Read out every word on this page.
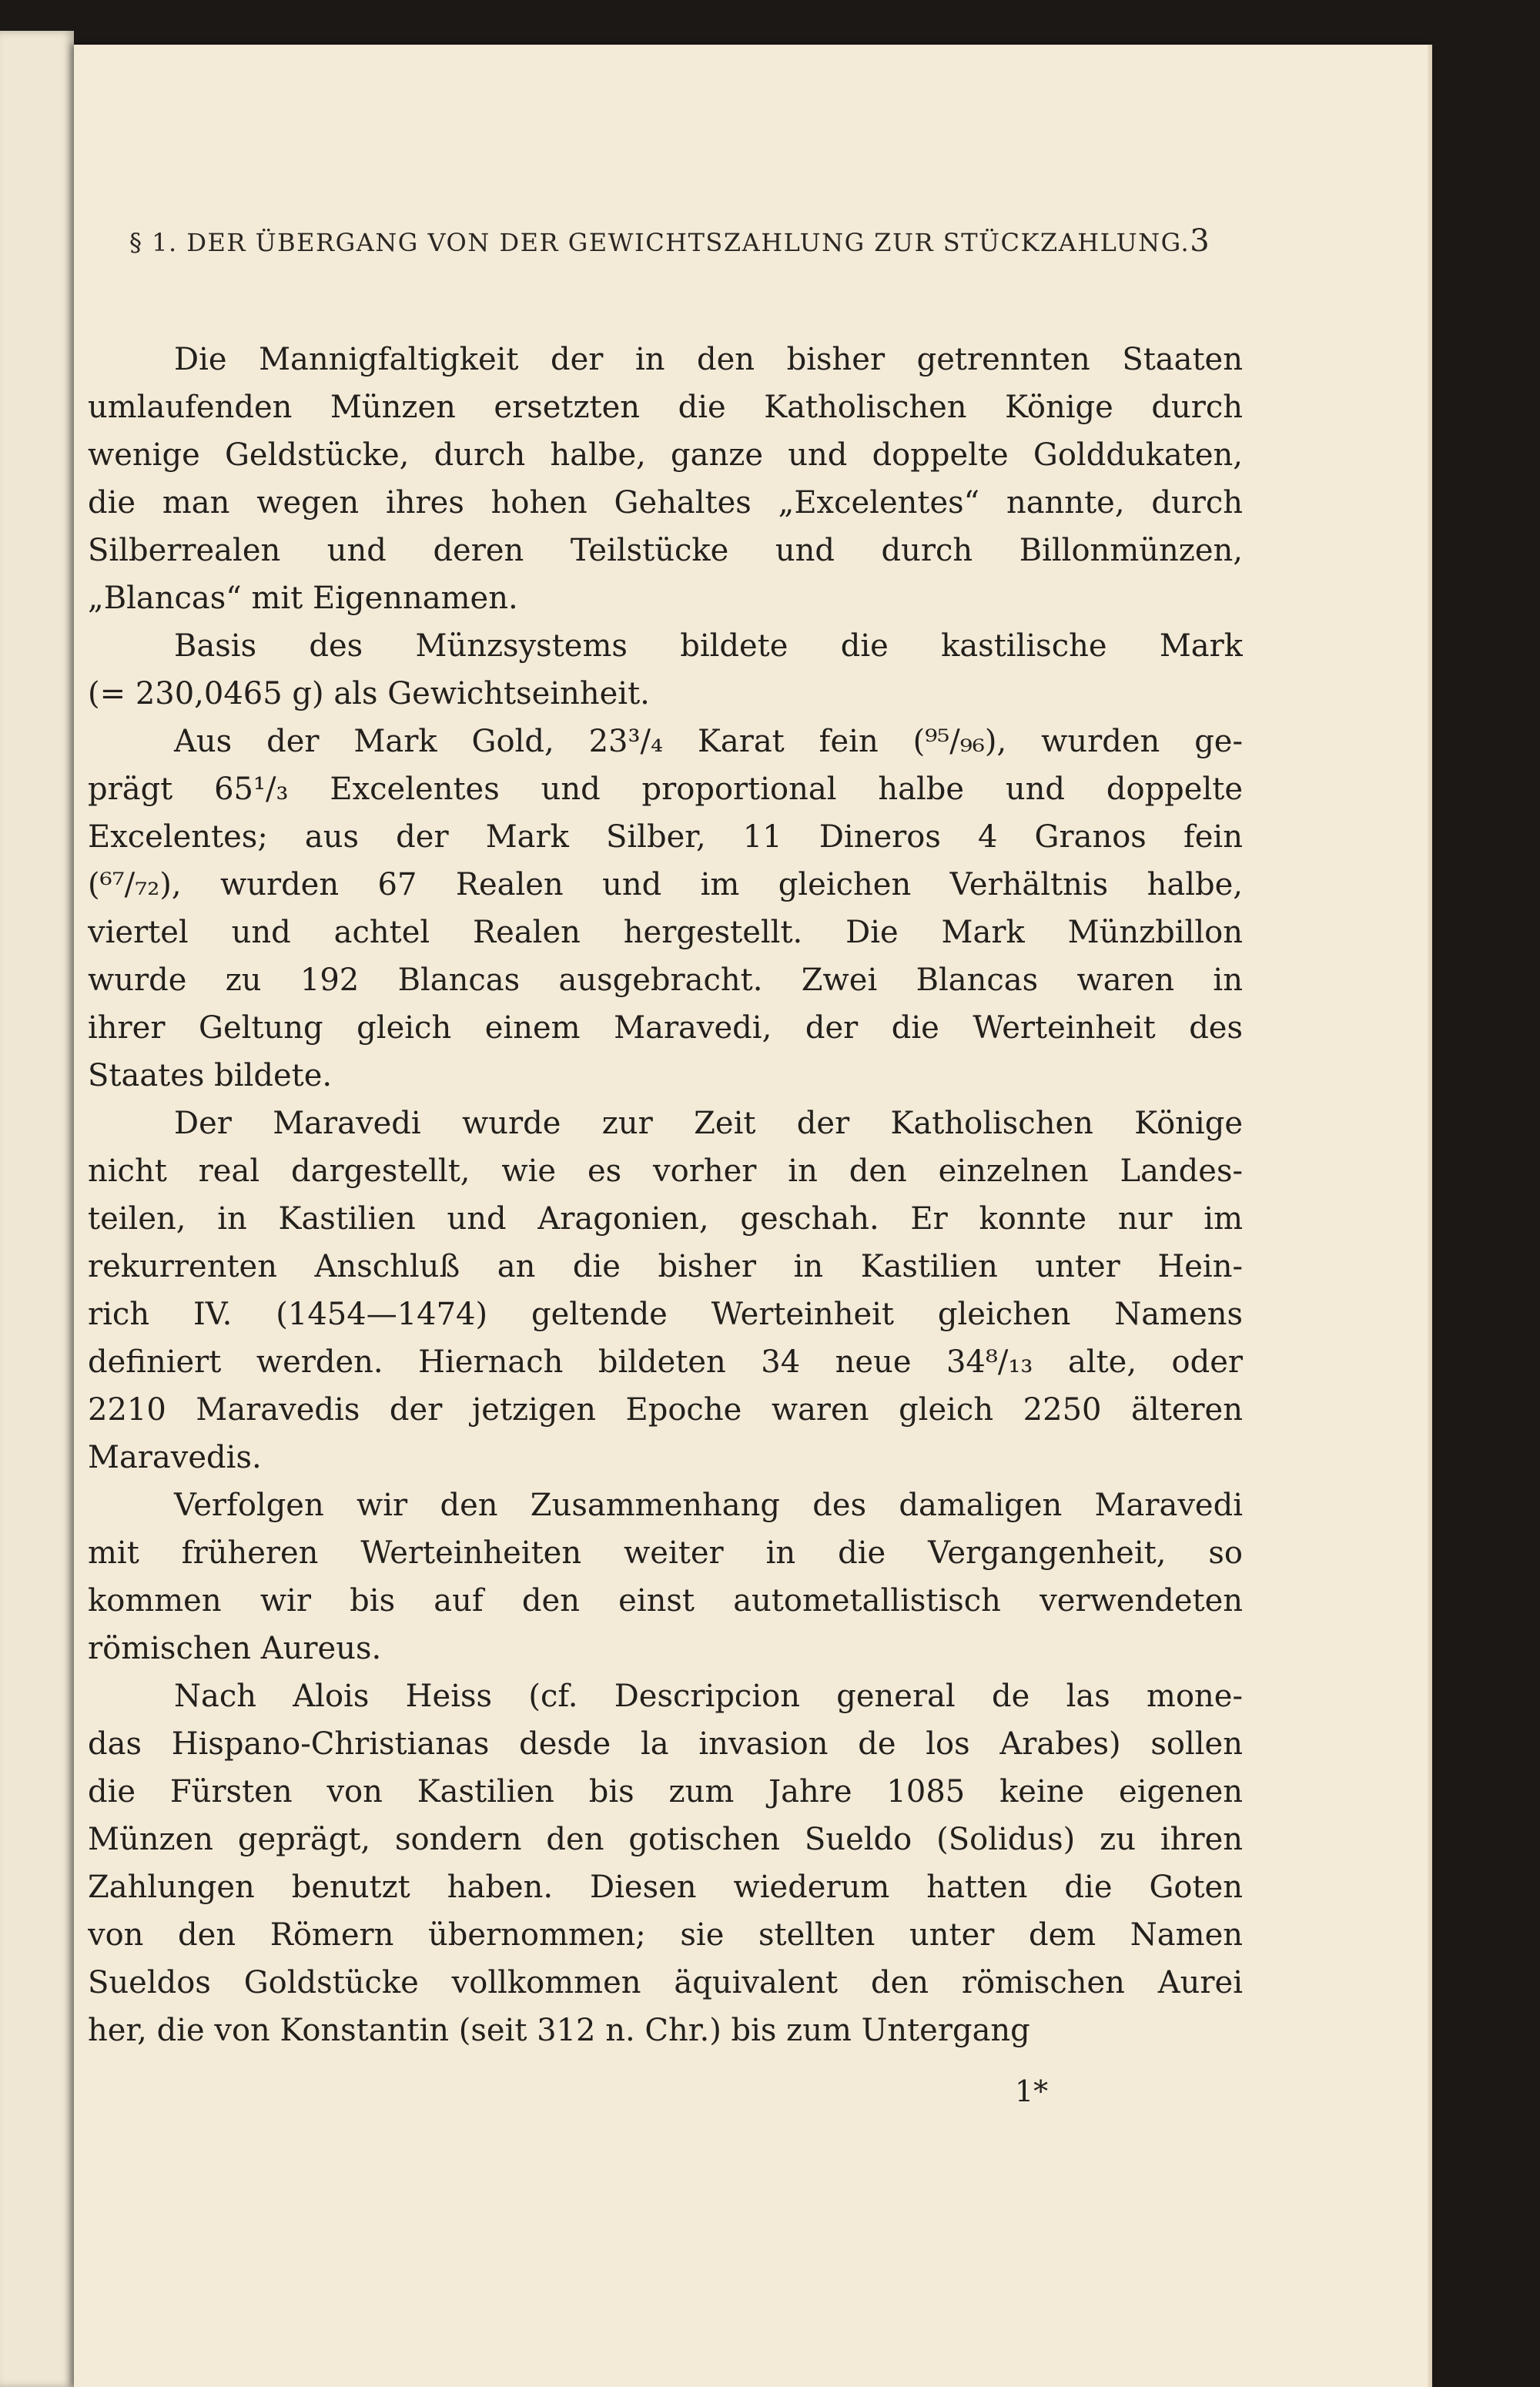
§ 1. DER ÜBERGANG VON DER GEWICHTSZAHLUNG ZUR STÜCKZAHLUNG. 3
Die Mannigfaltigkeit der in den bisher getrennten Staaten
umlaufenden Münzen ersetzten die Katholischen Könige durch
wenige Geldstücke, durch halbe, ganze und doppelte Golddukaten,
die man wegen ihres hohen Gehaltes „Excelentes“ nannte, durch
Silberrealen und deren Teilstücke und durch Billonmünzen,
„Blancas“ mit Eigennamen.
Basis des Münzsystems bildete die kastilische Mark
(= 230,0465 g) als Gewichtseinheit.
Aus der Mark Gold, 23³/₄ Karat fein (⁹⁵/₉₆), wurden ge-
prägt 65¹/₃ Excelentes und proportional halbe und doppelte
Excelentes; aus der Mark Silber, 11 Dineros 4 Granos fein
(⁶⁷/₇₂), wurden 67 Realen und im gleichen Verhältnis halbe,
viertel und achtel Realen hergestellt. Die Mark Münzbillon
wurde zu 192 Blancas ausgebracht. Zwei Blancas waren in
ihrer Geltung gleich einem Maravedi, der die Werteinheit des
Staates bildete.
Der Maravedi wurde zur Zeit der Katholischen Könige
nicht real dargestellt, wie es vorher in den einzelnen Landes-
teilen, in Kastilien und Aragonien, geschah. Er konnte nur im
rekurrenten Anschluß an die bisher in Kastilien unter Hein-
rich IV. (1454—1474) geltende Werteinheit gleichen Namens
definiert werden. Hiernach bildeten 34 neue 34⁸/₁₃ alte, oder
2210 Maravedis der jetzigen Epoche waren gleich 2250 älteren
Maravedis.
Verfolgen wir den Zusammenhang des damaligen Maravedi
mit früheren Werteinheiten weiter in die Vergangenheit, so
kommen wir bis auf den einst autometallistisch verwendeten
römischen Aureus.
Nach Alois Heiss (cf. Descripcion general de las mone-
das Hispano-Christianas desde la invasion de los Arabes) sollen
die Fürsten von Kastilien bis zum Jahre 1085 keine eigenen
Münzen geprägt, sondern den gotischen Sueldo (Solidus) zu ihren
Zahlungen benutzt haben. Diesen wiederum hatten die Goten
von den Römern übernommen; sie stellten unter dem Namen
Sueldos Goldstücke vollkommen äquivalent den römischen Aurei
her, die von Konstantin (seit 312 n. Chr.) bis zum Untergang
1*
